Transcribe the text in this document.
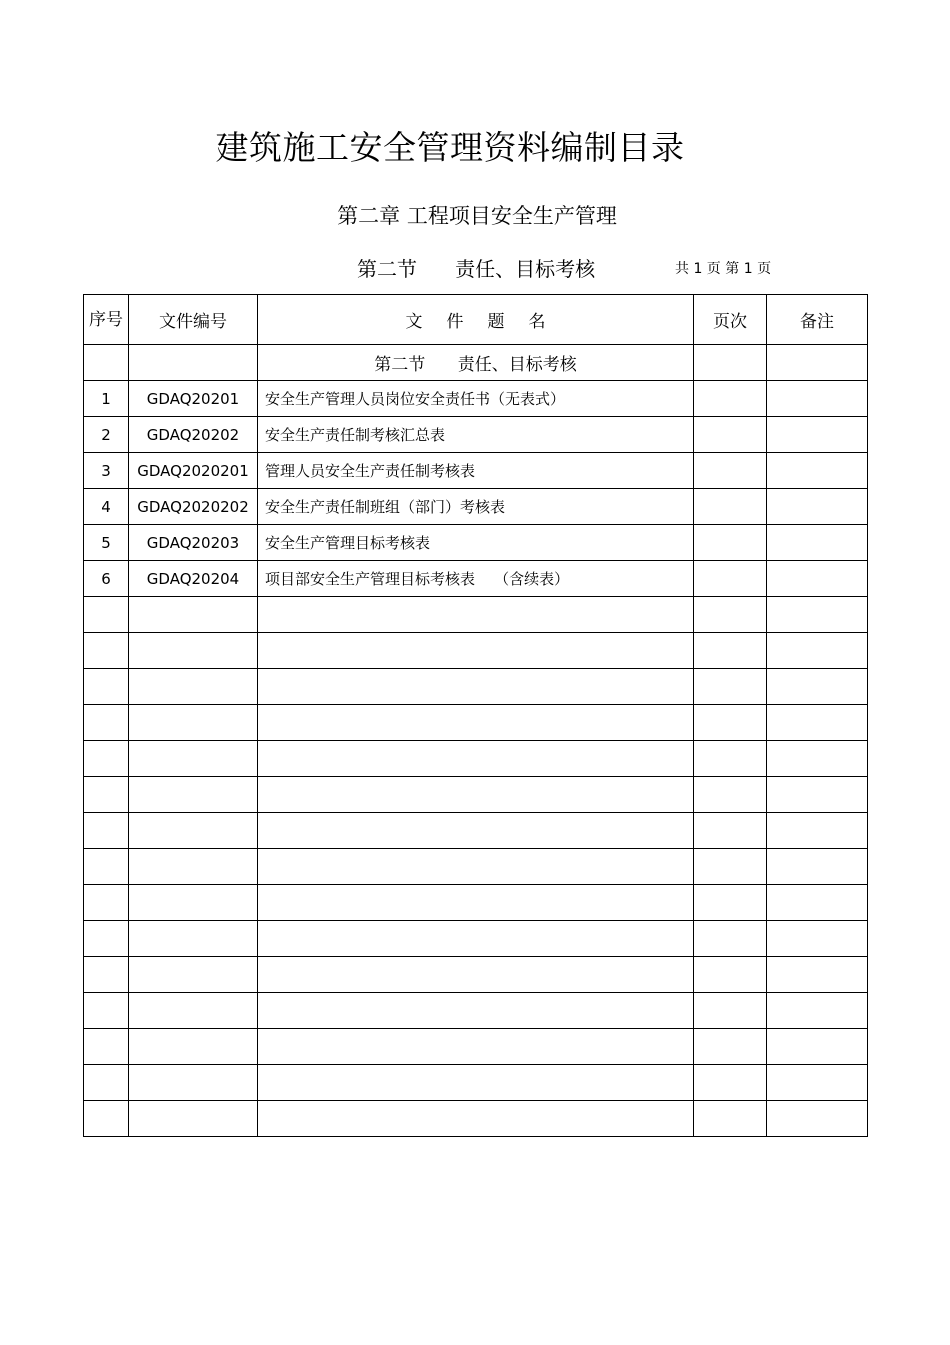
建筑施工安全管理资料编制目录
第二章 工程项目安全生产管理
第二节      责任、目标考核	共 1 页 第 1 页
序号	文件编号	文件题名	页次	备注
		第二节      责任、目标考核		
1	GDAQ20201	安全生产管理人员岗位安全责任书（无表式）		
2	GDAQ20202	安全生产责任制考核汇总表		
3	GDAQ2020201	管理人员安全生产责任制考核表		
4	GDAQ2020202	安全生产责任制班组（部门）考核表		
5	GDAQ20203	安全生产管理目标考核表		
6	GDAQ20204	项目部安全生产管理目标考核表    （含续表）		
